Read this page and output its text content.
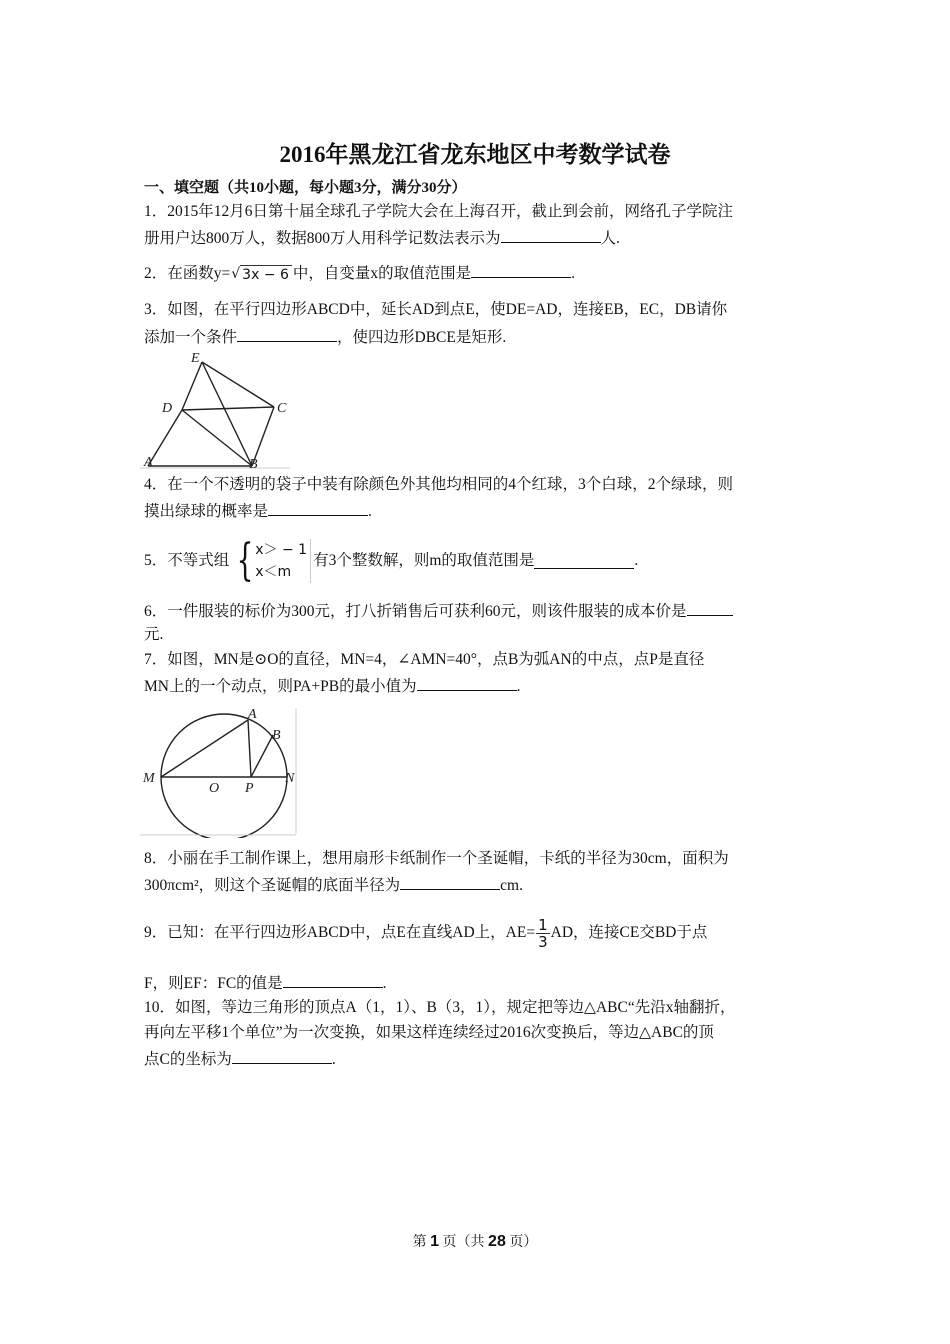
2016年黑龙江省龙东地区中考数学试卷
一、填空题（共10小题，每小题3分，满分30分）
1．2015年12月6日第十届全球孔子学院大会在上海召开，截止到会前，网络孔子学院注
册用户达800万人，数据800万人用科学记数法表示为	人.
2．在函数y= √ 3x − 6 中，自变量x的取值范围是	.
3．如图，在平行四边形ABCD中，延长AD到点E，使DE=AD，连接EB，EC，DB请你
添加一个条件	，使四边形DBCE是矩形.
E
D	C
A	B
4．在一个不透明的袋子中装有除颜色外其他均相同的4个红球，3个白球，2个绿球，则
摸出绿球的概率是	.
5．不等式组 { x＞ − 1
x＜m
有3个整数解，则m的取值范围是	.
6．一件服装的标价为300元，打八折销售后可获利60元，则该件服装的成本价是
元.
7．如图，MN是⊙O的直径，MN=4，∠AMN=40°，点B为弧AN的中点，点P是直径
MN上的一个动点，则PA+PB的最小值为	.
M
O P
N
A
B
8．小丽在手工制作课上，想用扇形卡纸制作一个圣诞帽，卡纸的半径为30cm，面积为
300πcm²，则这个圣诞帽的底面半径为	cm.
9．已知：在平行四边形ABCD中，点E在直线AD上，$AE= \frac{1}{3}$ AD，连接CE交BD于点
F，则EF：FC的值是	.
10．如图，等边三角形的顶点A（1，1）、B（3，1），规定把等边△ABC“先沿x轴翻折，
再向左平移1个单位”为一次变换，如果这样连续经过2016次变换后，等边△ABC的顶
点C的坐标为	.
第 1 页（共 28 页）
